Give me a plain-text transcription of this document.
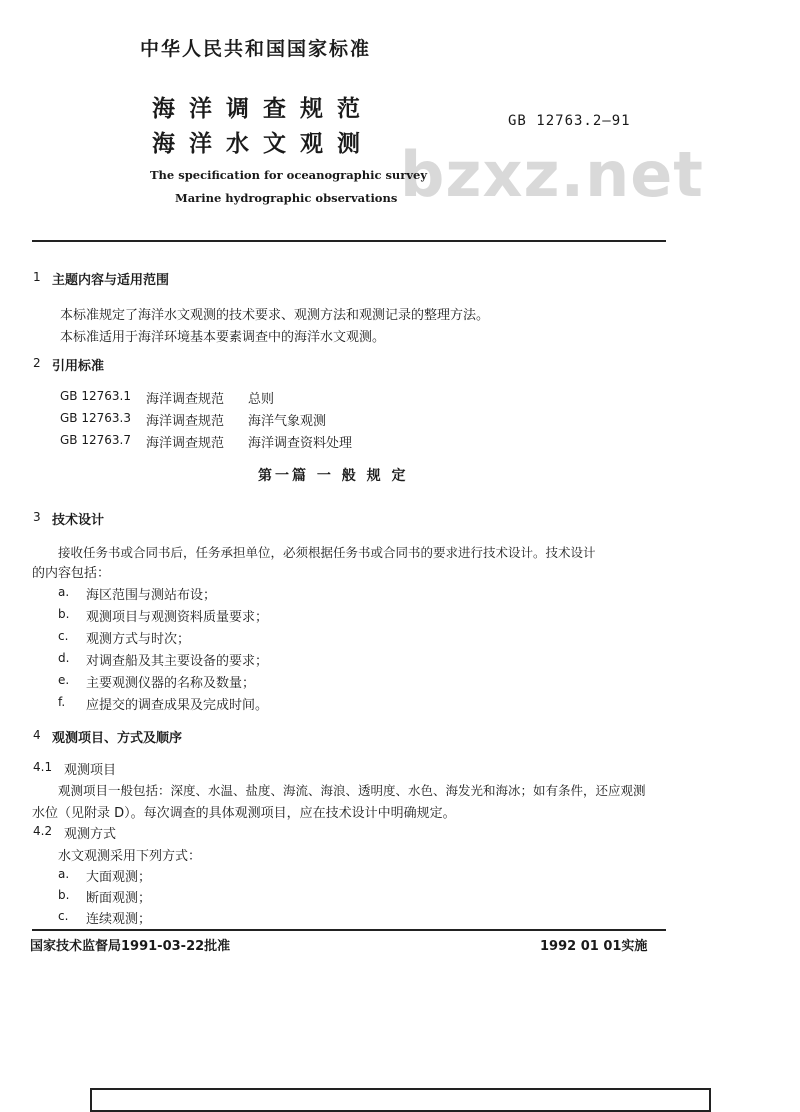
中华人民共和国国家标准
bzxz.net
海洋调查规范
海洋水文观测
GB 12763.2—91
The specification for oceanographic survey
Marine hydrographic observations
1 主题内容与适用范围
本标准规定了海洋水文观测的技术要求、观测方法和观测记录的整理方法。
本标准适用于海洋环境基本要素调查中的海洋水文观测。
2 引用标准
GB 12763.1 海洋调查规范 总则
GB 12763.3 海洋调查规范 海洋气象观测
GB 12763.7 海洋调查规范 海洋调查资料处理
第一篇 一 般 规 定
3 技术设计
接收任务书或合同书后，任务承担单位，必须根据任务书或合同书的要求进行技术设计。技术设计
的内容包括：
a. 海区范围与测站布设；
b. 观测项目与观测资料质量要求；
c. 观测方式与时次；
d. 对调查船及其主要设备的要求；
e. 主要观测仪器的名称及数量；
f. 应提交的调查成果及完成时间。
4 观测项目、方式及顺序
4.1 观测项目
观测项目一般包括：深度、水温、盐度、海流、海浪、透明度、水色、海发光和海冰；如有条件，还应观测
水位（见附录 D）。每次调查的具体观测项目，应在技术设计中明确规定。
4.2 观测方式
水文观测采用下列方式：
a. 大面观测；
b. 断面观测；
c. 连续观测；
国家技术监督局1991-03-22批准	1992 01 01实施
